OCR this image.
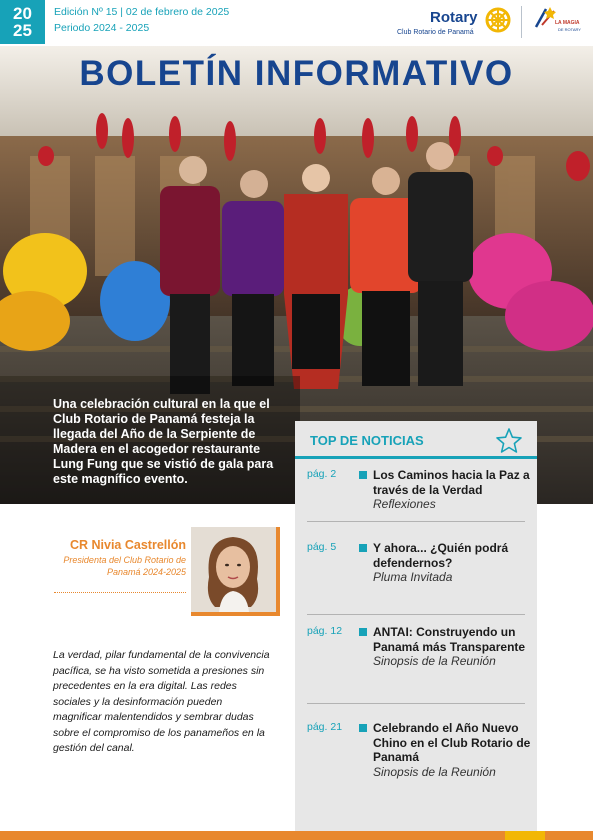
20
25
Edición Nº 15 | 02 de febrero de 2025
Periodo 2024 - 2025
Rotary
Club Rotario de Panamá
LA MAGIA
DE ROTARY
BOLETÍN INFORMATIVO
Una celebración cultural en la que el Club Rotario de Panamá festeja la llegada del Año de la Serpiente de Madera en el acogedor restaurante Lung Fung que se vistió de gala para este magnífico evento.
TOP DE NOTICIAS
pág. 2	Los Caminos hacia la Paz a través de la Verdad
Reflexiones
pág. 5	Y ahora... ¿Quién podrá defendernos?
Pluma Invitada
pág. 12	ANTAI: Construyendo un Panamá más Transparente
Sinopsis de la Reunión
pág. 21	Celebrando el Año Nuevo Chino en el Club Rotario de Panamá
Sinopsis de la Reunión
CR Nivia Castrellón
Presidenta del Club Rotario de Panamá 2024-2025
La verdad, pilar fundamental de la convivencia pacífica, se ha visto sometida a presiones sin precedentes en la era digital. Las redes sociales y la desinformación pueden magnificar malentendidos y sembrar dudas sobre el compromiso de los panameños en la gestión del canal.
